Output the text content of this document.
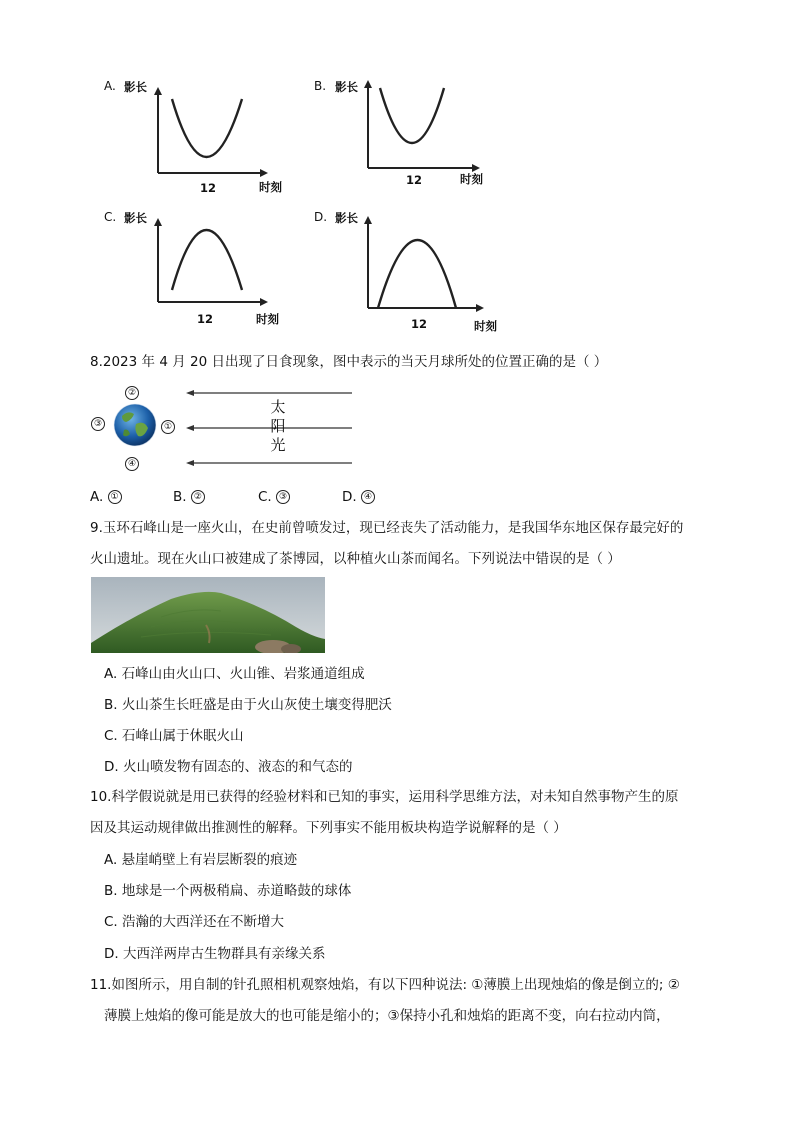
A. 影长
12	时刻
B. 影长
12	时刻
C. 影长
12	时刻
D. 影长
12	时刻
8.2023 年 4 月 20 日出现了日食现象，图中表示的当天月球所处的位置正确的是（ ）
②
③	①
④
太
阳
光
A. ①	B. ②	C. ③	D. ④
9.玉环石峰山是一座火山，在史前曾喷发过，现已经丧失了活动能力，是我国华东地区保存最完好的
火山遗址。现在火山口被建成了茶博园，以种植火山茶而闻名。下列说法中错误的是（ ）
A. 石峰山由火山口、火山锥、岩浆通道组成
B. 火山茶生长旺盛是由于火山灰使土壤变得肥沃
C. 石峰山属于休眠火山
D. 火山喷发物有固态的、液态的和气态的
10.科学假说就是用已获得的经验材料和已知的事实，运用科学思维方法，对未知自然事物产生的原
因及其运动规律做出推测性的解释。下列事实不能用板块构造学说解释的是（ ）
A. 悬崖峭壁上有岩层断裂的痕迹
B. 地球是一个两极稍扁、赤道略鼓的球体
C. 浩瀚的大西洋还在不断增大
D. 大西洋两岸古生物群具有亲缘关系
11.如图所示，用自制的针孔照相机观察烛焰，有以下四种说法: ①薄膜上出现烛焰的像是倒立的; ②
薄膜上烛焰的像可能是放大的也可能是缩小的；③保持小孔和烛焰的距离不变，向右拉动内筒，
